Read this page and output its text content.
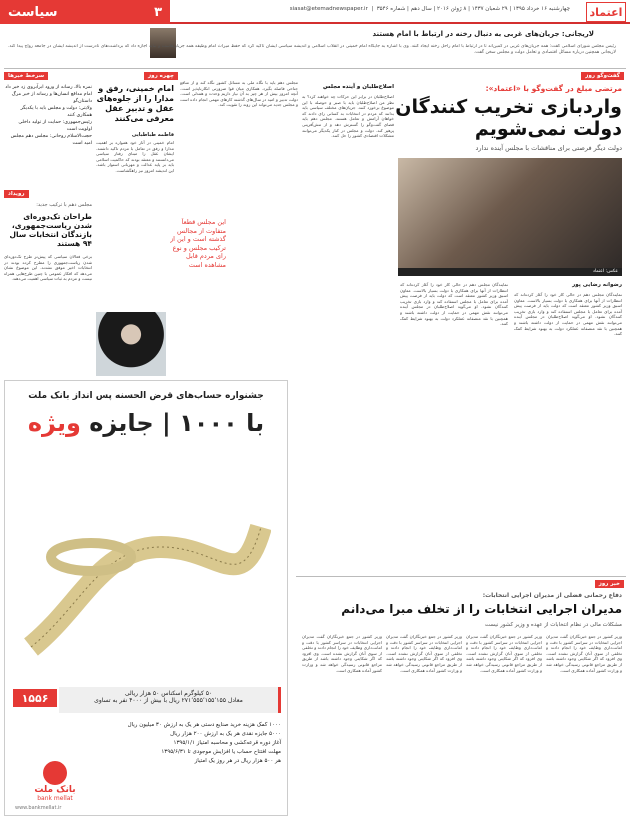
۳
سیاست	چهارشنبه ۱۶ خرداد ۱۳۹۵ | ۲۹ شعبان ۱۴۳۷ | ۸ ژوئن ۲۰۱۶ | سال دهم | شماره ۳۵۴۶  |  siasat@etemadnewspaper.ir	اعتماد
لاریجانی: جریان‌های غربی به دنبال رخنه در ارتباط با امام هستند
رئیس مجلس شورای اسلامی گفت: همه جریان‌های غربی در کمین‌اند تا در ارتباط با امام راحل رخنه ایجاد کنند. وی با اشاره به جایگاه امام خمینی در انقلاب اسلامی و اندیشه سیاسی ایشان تاکید کرد که حفظ میراث امام وظیفه همه جریان‌هاست و نباید اجازه داد که برداشت‌های نادرست از اندیشه ایشان در جامعه رواج پیدا کند. لاریجانی همچنین درباره مسائل اقتصادی و تعامل دولت و مجلس سخن گفت.
گفت‌وگو روز
مرتضی مبلغ در گفت‌وگو با «اعتماد»:
واردبازی تخریب کنندگان
دولت نمی‌شویم
دولت دیگر فرصتی برای مناقشات با مجلس آینده ندارد
عکس: اعتماد
رضوانه رضایی پور
نمایندگان مجلس دهم در حالی کار خود را آغاز کرده‌اند که انتظارات از آنها برای همکاری با دولت بسیار بالاست. معاون اسبق وزیر کشور معتقد است که دولت باید از فرصت پیش آمده برای تعامل با مجلس استفاده کند و وارد بازی تخریب کنندگان نشود. او می‌گوید اصلاح‌طلبان در مجلس آینده می‌توانند نقش مهمی در حمایت از دولت داشته باشند و همچنین با نقد منصفانه عملکرد دولت به بهبود شرایط کمک کنند.
نمایندگان مجلس دهم در حالی کار خود را آغاز کرده‌اند که انتظارات از آنها برای همکاری با دولت بسیار بالاست. معاون اسبق وزیر کشور معتقد است که دولت باید از فرصت پیش آمده برای تعامل با مجلس استفاده کند و وارد بازی تخریب کنندگان نشود. او می‌گوید اصلاح‌طلبان در مجلس آینده می‌توانند نقش مهمی در حمایت از دولت داشته باشند و همچنین با نقد منصفانه عملکرد دولت به بهبود شرایط کمک کنند.
اصلاح‌طلبان و آینده مجلس
اصلاح‌طلبان در برابر این حرکات چه خواهند کرد؟ به نظر من اصلاح‌طلبان باید با صبر و حوصله با این موضوع برخورد کنند. جریان‌های مختلف سیاسی باید بدانند که مردم در انتخابات به کسانی رای دادند که خواهان آرامش و تعامل هستند. مجلس دهم باید فضای گفت‌وگو را گسترش دهد و از تنش‌آفرینی پرهیز کند. دولت و مجلس در کنار یکدیگر می‌توانند مشکلات اقتصادی کشور را حل کنند.
مجلس دهم باید با نگاه ملی به مسائل کشور نگاه کند و از منافع جناحی فاصله بگیرد. همکاری میان قوا ضرورتی انکارناپذیر است. آنچه امروز بیش از هر چیز به آن نیاز داریم وحدت و همدلی است. دولت تدبیر و امید در سال‌های گذشته کارهای مهمی انجام داده است و مجلس جدید می‌تواند این روند را تقویت کند.
چهره روز
امام خمینی، رفق و مدارا را از جلوه‌های عقل و تدبیر عقل معرفی می‌کنند
فاطمه طباطبایی
امام خمینی در آثار خود همواره بر اهمیت مدارا و رفق در تعامل با مردم تاکید داشتند. ایشان عقل را مبنای رفتار سیاسی می‌دانستند و معتقد بودند که حاکمیت اسلامی باید بر پایه عدالت و مهربانی استوار باشد. این اندیشه امروز نیز راهگشاست.
این مجلس قطعاً متفاوت از مجالس گذشته است و این از ترکیب مجلس و نوع رای مردم قابل مشاهده است
سرخط خبرها
نمره بالا، رسانه از ورود ابرآبروی زد خبر داد
امام مدافع انسان‌ها و رسانه از خبر مرگ داستان‌گو
ولایتی: دولت و مجلس باید با یکدیگر همکاری کنند
رئیس‌جمهوری: حمایت از تولید داخلی اولویت است
حجت‌الاسلام روحانی: مجلس دهم مجلس امید است
رویداد
مجلس دهم با ترکیب جدید:
طراحان تک‌دوره‌ای شدن ریاست‌جمهوری، بازندگان انتخابات سال ۹۴ هستند
برخی فعالان سیاسی که پیش‌تر طرح تک‌دوره‌ای شدن ریاست‌جمهوری را مطرح کرده بودند در انتخابات اخیر موفق نشدند. این موضوع نشان می‌دهد که افکار عمومی با چنین طرح‌هایی همراه نیست و مردم به ثبات سیاسی اهمیت می‌دهند.
جشنواره حساب‌های قرض الحسنه پس انداز بانک ملت
با ۱۰۰۰ | جایزه ویژه
۱۵۵۶	۵۰ کیلوگرم اسکناس ۵۰ هزار ریالی
معادل ۲۷۱٬۵۵۵٬۱۵۵٬۱۵۵ ریال با بیش از ۴۰۰۰ نفر به تساوی
۱۰۰۰ کمک هزینه خرید صنایع دستی هر یک به ارزش ۳۰ میلیون ریال
۵۰۰۰ جایزه نقدی هر یک به ارزش ۲۰۰ هزار ریال
آغاز دوره قرعه‌کشی و محاسبه امتیاز ۱۳۹۵/۱/۱
مهلت افتتاح حساب یا افزایش موجودی تا ۱۳۹۵/۶/۳۱
هر ۵۰۰ هزار ریال در هر روز یک امتیاز
بانک ملت
bank mellat
www.bankmellat.ir
خبر روز
دفاع رحمانی فضلی از مدیران اجرایی انتخابات:
مدیران اجرایی انتخابات را از تخلف مبرا می‌دانم
مشکلات مالی در نظام انتخابات از عهده و وزیر کشور نیست
وزیر کشور در جمع خبرنگاران گفت مدیران اجرایی انتخابات در سراسر کشور با دقت و امانت‌داری وظایف خود را انجام دادند و تخلفی از سوی آنان گزارش نشده است. وی افزود که اگر شکایتی وجود داشته باشد از طریق مراجع قانونی رسیدگی خواهد شد و وزارت کشور آماده همکاری است.
وزیر کشور در جمع خبرنگاران گفت مدیران اجرایی انتخابات در سراسر کشور با دقت و امانت‌داری وظایف خود را انجام دادند و تخلفی از سوی آنان گزارش نشده است. وی افزود که اگر شکایتی وجود داشته باشد از طریق مراجع قانونی رسیدگی خواهد شد و وزارت کشور آماده همکاری است.
وزیر کشور در جمع خبرنگاران گفت مدیران اجرایی انتخابات در سراسر کشور با دقت و امانت‌داری وظایف خود را انجام دادند و تخلفی از سوی آنان گزارش نشده است. وی افزود که اگر شکایتی وجود داشته باشد از طریق مراجع قانونی رسیدگی خواهد شد و وزارت کشور آماده همکاری است.
وزیر کشور در جمع خبرنگاران گفت مدیران اجرایی انتخابات در سراسر کشور با دقت و امانت‌داری وظایف خود را انجام دادند و تخلفی از سوی آنان گزارش نشده است. وی افزود که اگر شکایتی وجود داشته باشد از طریق مراجع قانونی رسیدگی خواهد شد و وزارت کشور آماده همکاری است.
